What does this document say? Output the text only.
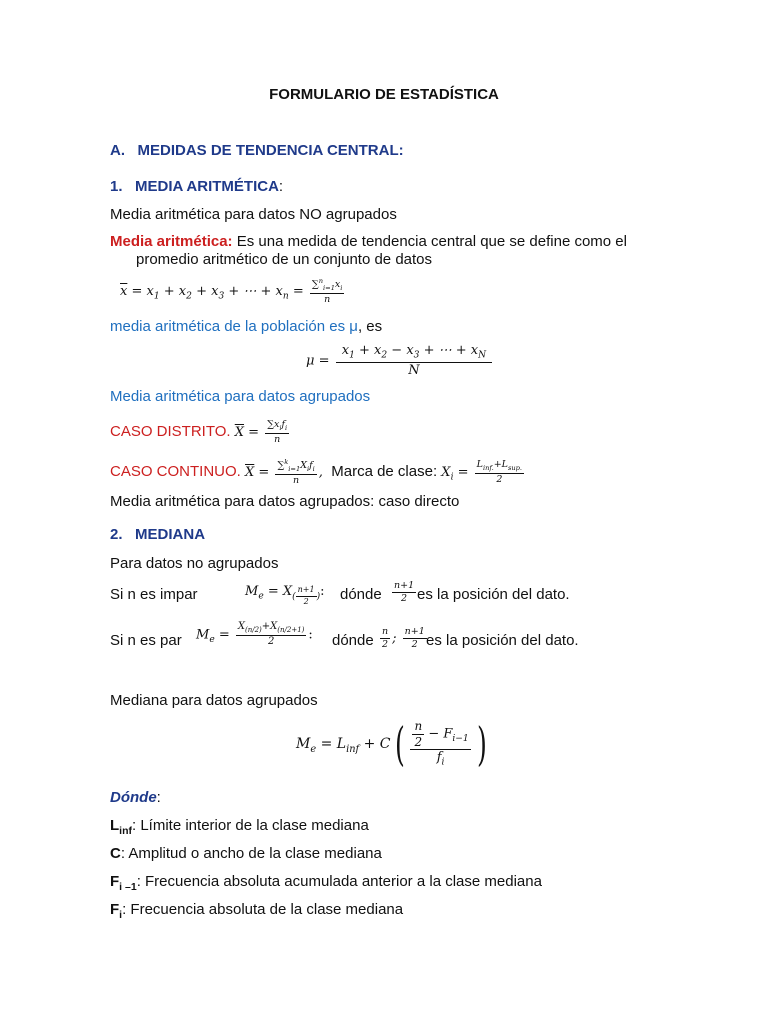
FORMULARIO DE ESTADÍSTICA
A. MEDIDAS DE TENDENCIA CENTRAL:
1. MEDIA ARITMÉTICA:
Media aritmética para datos NO agrupados
Media aritmética: Es una medida de tendencia central que se define como el
promedio aritmético de un conjunto de datos
$\overline{x} = x_1 + x_2 + x_3$ + ⋯ + $x_n = \frac{\sum^n_{i=1}x_i}{n}$
media aritmética de la población es μ, es
$\mu = \frac{x_1 + x_2 - x_3 + \cdots + x_N}{N}$
Media aritmética para datos agrupados
CASO DISTRITO. $\overline{X} = \frac{\sum x_if_i}{n}$
CASO CONTINUO. $\overline{X} = \frac{\sum^k_{i=1}X_if_i}{n}$ , Marca de clase: $X_i = \frac{L_{inf.}+L_{sup.}}{2}$
Media aritmética para datos agrupados: caso directo
2. MEDIANA
Para datos no agrupados
Si n es impar	$M_e = X_{( \frac{n+1}{2} )}$: dónde $\frac{n+1}{2}$ es la posición del dato.
Si n es par $M_e = \frac{X_{(n/2)}+X_{(n/2+1)}}{2}$ : dónde $\frac{n}{2}$ ; $\frac{n+1}{2}$ es la posición del dato.
Mediana para datos agrupados
$M_e = L_{inf} + C( \frac{\frac{n}{2} - F_{i-1}}{f_i}$ )
Dónde:
$L_{inf}$: Límite interior de la clase mediana
C: Amplitud o ancho de la clase mediana
$F_{i -1}$: Frecuencia absoluta acumulada anterior a la clase mediana
$F_i$: Frecuencia absoluta de la clase mediana
